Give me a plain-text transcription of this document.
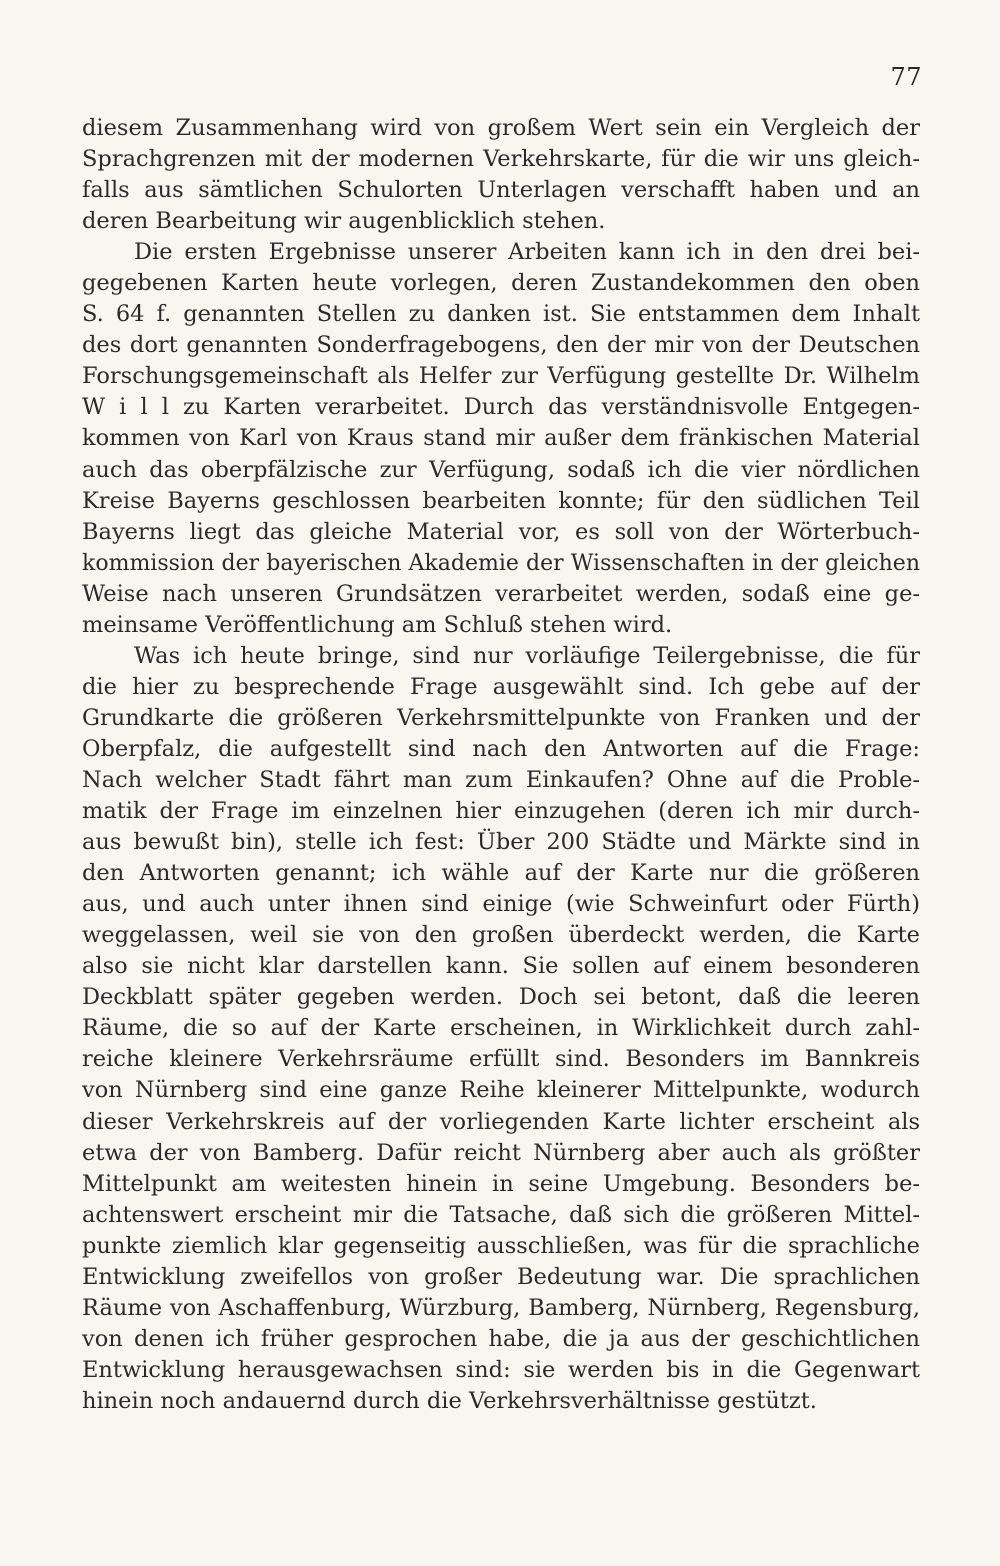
77
diesem Zusammenhang wird von großem Wert sein ein Vergleich der
Sprachgrenzen mit der modernen Verkehrskarte, für die wir uns gleich-
falls aus sämtlichen Schulorten Unterlagen verschafft haben und an
deren Bearbeitung wir augenblicklich stehen.
Die ersten Ergebnisse unserer Arbeiten kann ich in den drei bei-
gegebenen Karten heute vorlegen, deren Zustandekommen den oben
S. 64 f. genannten Stellen zu danken ist. Sie entstammen dem Inhalt
des dort genannten Sonderfragebogens, den der mir von der Deutschen
Forschungsgemeinschaft als Helfer zur Verfügung gestellte Dr. Wilhelm
W i l l zu Karten verarbeitet. Durch das verständnisvolle Entgegen-
kommen von Karl von Kraus stand mir außer dem fränkischen Material
auch das oberpfälzische zur Verfügung, sodaß ich die vier nördlichen
Kreise Bayerns geschlossen bearbeiten konnte; für den südlichen Teil
Bayerns liegt das gleiche Material vor, es soll von der Wörterbuch-
kommission der bayerischen Akademie der Wissenschaften in der gleichen
Weise nach unseren Grundsätzen verarbeitet werden, sodaß eine ge-
meinsame Veröffentlichung am Schluß stehen wird.
Was ich heute bringe, sind nur vorläufige Teilergebnisse, die für
die hier zu besprechende Frage ausgewählt sind. Ich gebe auf der
Grundkarte die größeren Verkehrsmittelpunkte von Franken und der
Oberpfalz, die aufgestellt sind nach den Antworten auf die Frage:
Nach welcher Stadt fährt man zum Einkaufen? Ohne auf die Proble-
matik der Frage im einzelnen hier einzugehen (deren ich mir durch-
aus bewußt bin), stelle ich fest: Über 200 Städte und Märkte sind in
den Antworten genannt; ich wähle auf der Karte nur die größeren
aus, und auch unter ihnen sind einige (wie Schweinfurt oder Fürth)
weggelassen, weil sie von den großen überdeckt werden, die Karte
also sie nicht klar darstellen kann. Sie sollen auf einem besonderen
Deckblatt später gegeben werden. Doch sei betont, daß die leeren
Räume, die so auf der Karte erscheinen, in Wirklichkeit durch zahl-
reiche kleinere Verkehrsräume erfüllt sind. Besonders im Bannkreis
von Nürnberg sind eine ganze Reihe kleinerer Mittelpunkte, wodurch
dieser Verkehrskreis auf der vorliegenden Karte lichter erscheint als
etwa der von Bamberg. Dafür reicht Nürnberg aber auch als größter
Mittelpunkt am weitesten hinein in seine Umgebung. Besonders be-
achtenswert erscheint mir die Tatsache, daß sich die größeren Mittel-
punkte ziemlich klar gegenseitig ausschließen, was für die sprachliche
Entwicklung zweifellos von großer Bedeutung war. Die sprachlichen
Räume von Aschaffenburg, Würzburg, Bamberg, Nürnberg, Regensburg,
von denen ich früher gesprochen habe, die ja aus der geschichtlichen
Entwicklung herausgewachsen sind: sie werden bis in die Gegenwart
hinein noch andauernd durch die Verkehrsverhältnisse gestützt.
